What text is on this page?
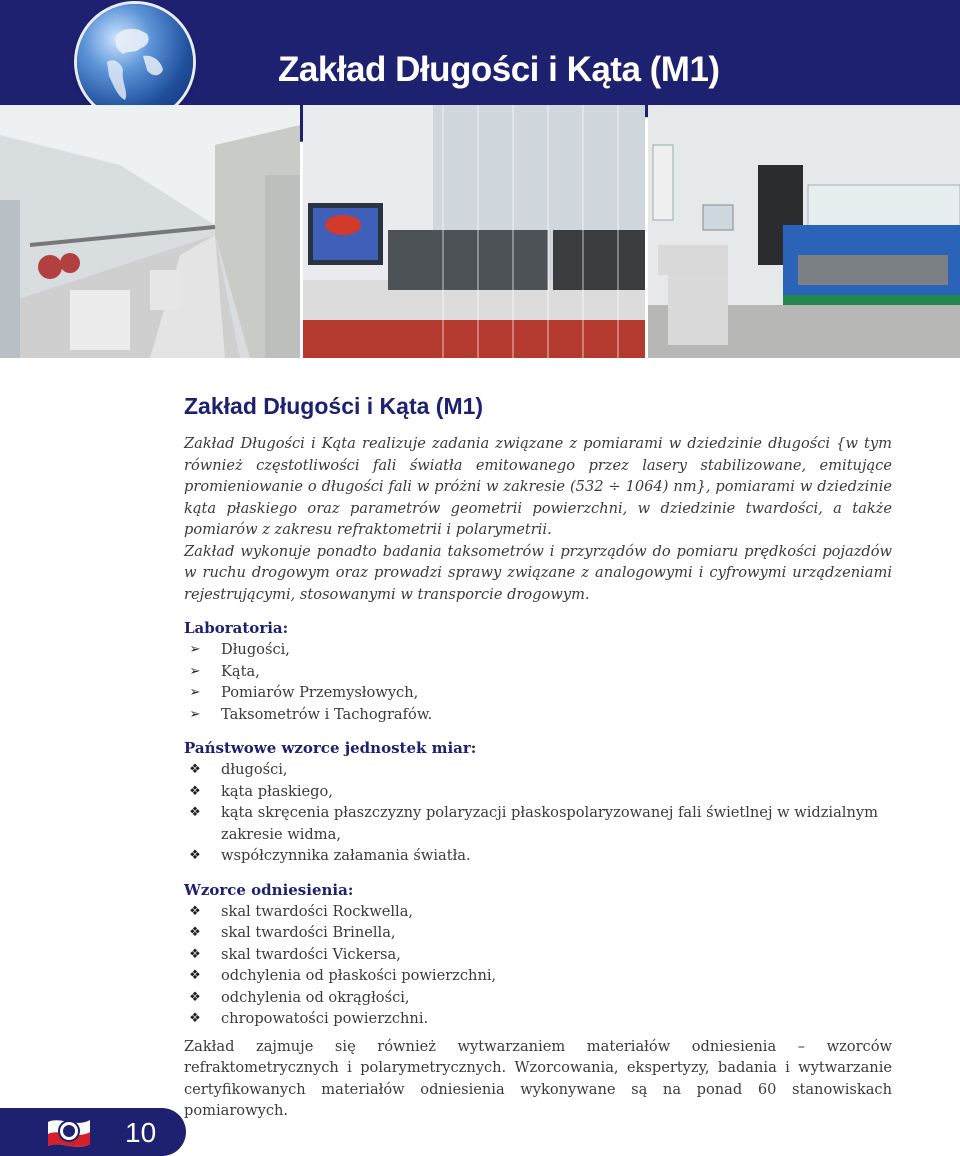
Zakład Długości i Kąta (M1)
Zakład Długości i Kąta (M1)

Zakład Długości i Kąta realizuje zadania związane z pomiarami w dziedzinie długości {w tym również częstotliwości fali światła emitowanego przez lasery stabilizowane, emitujące promieniowanie o długości fali w próżni w zakresie (532 ÷ 1064) nm}, pomiarami w dziedzinie kąta płaskiego oraz parametrów geometrii powierzchni, w dziedzinie twardości, a także pomiarów z zakresu refraktometrii i polarymetrii.

Zakład wykonuje ponadto badania taksometrów i przyrządów do pomiaru prędkości pojazdów w ruchu drogowym oraz prowadzi sprawy związane z analogowymi i cyfrowymi urządzeniami rejestrującymi, stosowanymi w transporcie drogowym.

Laboratoria:
➢ Długości,
➢ Kąta,
➢ Pomiarów Przemysłowych,
➢ Taksometrów i Tachografów.
Państwowe wzorce jednostek miar:
❖ długości,
❖ kąta płaskiego,
❖ kąta skręcenia płaszczyzny polaryzacji płaskospolaryzowanej fali świetlnej w widzialnym zakresie widma,
❖ współczynnika załamania światła.
Wzorce odniesienia:
❖ skal twardości Rockwella,
❖ skal twardości Brinella,
❖ skal twardości Vickersa,
❖ odchylenia od płaskości powierzchni,
❖ odchylenia od okrągłości,
❖ chropowatości powierzchni.

Zakład zajmuje się również wytwarzaniem materiałów odniesienia – wzorców refraktometrycznych i polarymetrycznych. Wzorcowania, ekspertyzy, badania i wytwarzanie certyfikowanych materiałów odniesienia wykonywane są na ponad 60 stanowiskach pomiarowych.

10
